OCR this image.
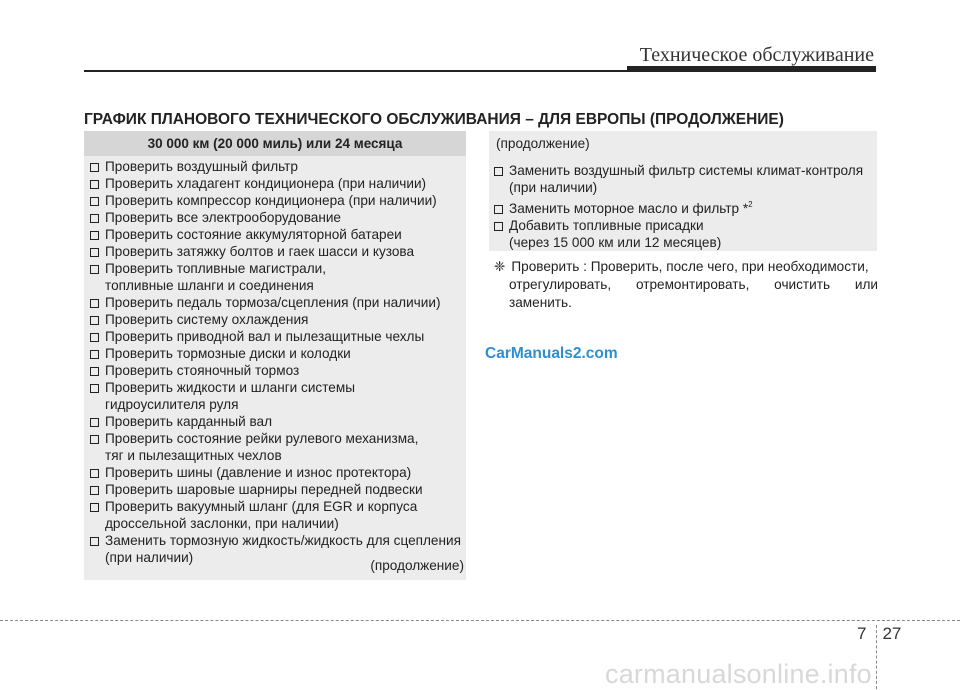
Техническое обслуживание
ГРАФИК ПЛАНОВОГО ТЕХНИЧЕСКОГО ОБСЛУЖИВАНИЯ – ДЛЯ ЕВРОПЫ (ПРОДОЛЖЕНИЕ)
30 000 км (20 000 миль) или 24 месяца
Проверить воздушный фильтр
Проверить хладагент кондиционера (при наличии)
Проверить компрессор кондиционера (при наличии)
Проверить все электрооборудование
Проверить состояние аккумуляторной батареи
Проверить затяжку болтов и гаек шасси и кузова
Проверить топливные магистрали,
топливные шланги и соединения
Проверить педаль тормоза/сцепления (при наличии)
Проверить систему охлаждения
Проверить приводной вал и пылезащитные чехлы
Проверить тормозные диски и колодки
Проверить стояночный тормоз
Проверить жидкости и шланги системы
гидроусилителя руля
Проверить карданный вал
Проверить состояние рейки рулевого механизма,
тяг и пылезащитных чехлов
Проверить шины (давление и износ протектора)
Проверить шаровые шарниры передней подвески
Проверить вакуумный шланг (для EGR и корпуса
дроссельной заслонки, при наличии)
Заменить тормозную жидкость/жидкость для сцепления
(при наличии)
(продолжение)
(продолжение)
Заменить воздушный фильтр системы климат-контроля
(при наличии)
Заменить моторное масло и фильтр *$^2$
Добавить топливные присадки
(через 15 000 км или 12 месяцев)
❈ Проверить : Проверить, после чего, при необходимости,
отрегулировать, отремонтировать, очистить или заменить.
CarManuals2.com
7 27
carmanualsonline.info
